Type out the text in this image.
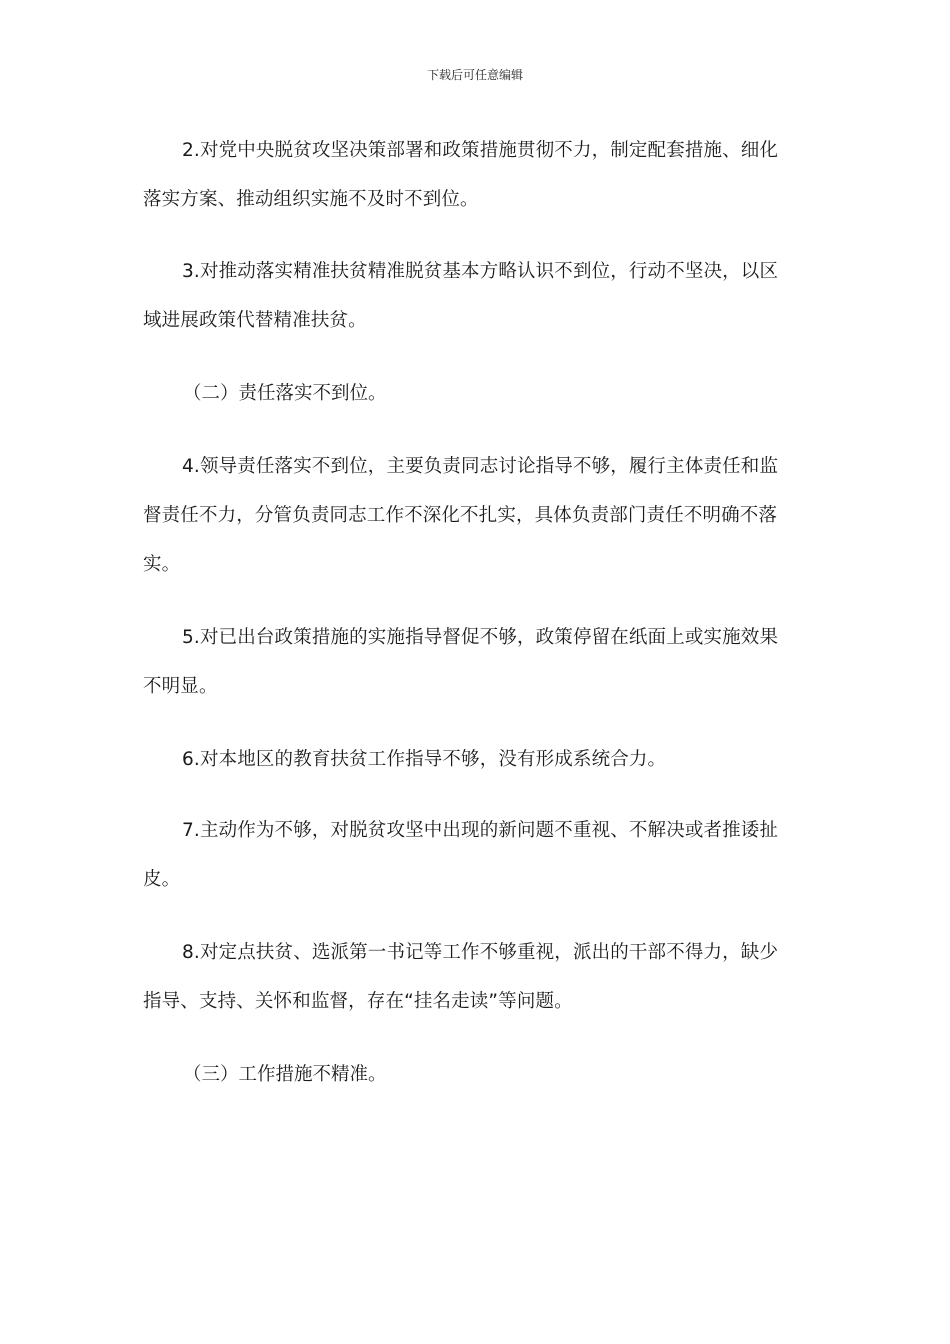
下载后可任意编辑

2.对党中央脱贫攻坚决策部署和政策措施贯彻不力，制定配套措施、细化落实方案、推动组织实施不及时不到位。

3.对推动落实精准扶贫精准脱贫基本方略认识不到位，行动不坚决，以区域进展政策代替精准扶贫。

（二）责任落实不到位。

4.领导责任落实不到位，主要负责同志讨论指导不够，履行主体责任和监督责任不力，分管负责同志工作不深化不扎实，具体负责部门责任不明确不落实。

5.对已出台政策措施的实施指导督促不够，政策停留在纸面上或实施效果不明显。

6.对本地区的教育扶贫工作指导不够，没有形成系统合力。

7.主动作为不够，对脱贫攻坚中出现的新问题不重视、不解决或者推诿扯皮。

8.对定点扶贫、选派第一书记等工作不够重视，派出的干部不得力，缺少指导、支持、关怀和监督，存在“挂名走读”等问题。

（三）工作措施不精准。
